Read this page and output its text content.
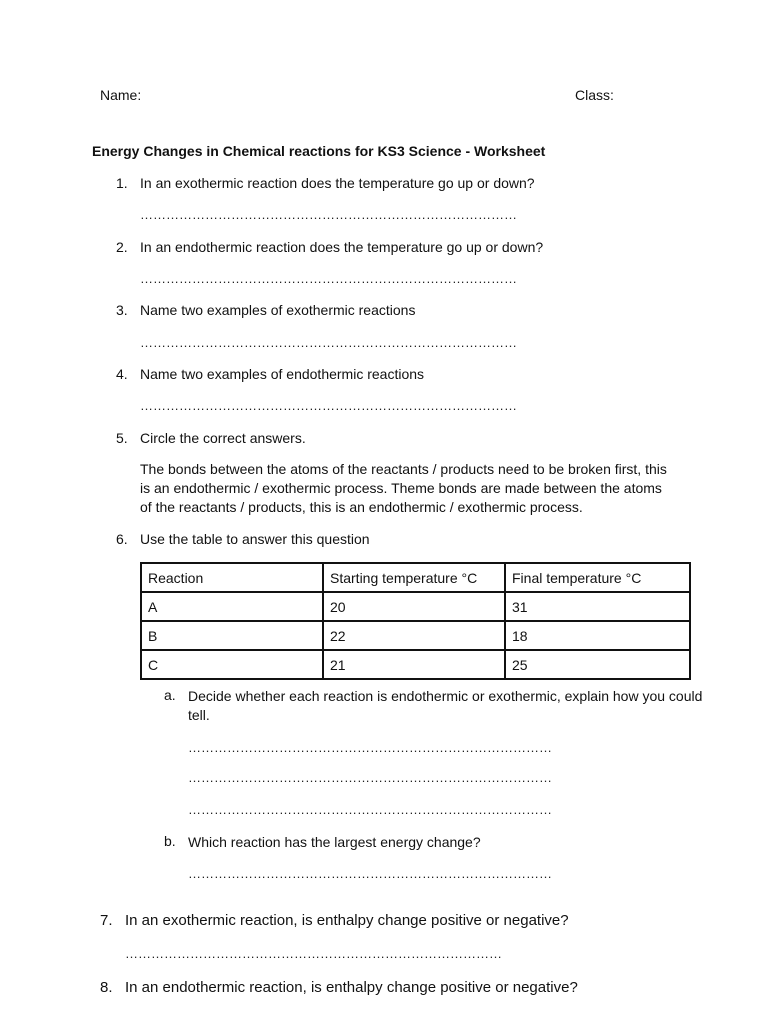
Name:	Class:
Energy Changes in Chemical reactions for KS3 Science - Worksheet
1. In an exothermic reaction does the temperature go up or down?
……………………………………………………………………………
2. In an endothermic reaction does the temperature go up or down?
……………………………………………………………………………
3. Name two examples of exothermic reactions
……………………………………………………………………………
4. Name two examples of endothermic reactions
……………………………………………………………………………
5. Circle the correct answers.
The bonds between the atoms of the reactants / products need to be broken first, this
is an endothermic / exothermic process. Theme bonds are made between the atoms
of the reactants / products, this is an endothermic / exothermic process.
6. Use the table to answer this question
Reaction	Starting temperature °C	Final temperature °C
A	20	31
B	22	18
C	21	25
a. Decide whether each reaction is endothermic or exothermic, explain how you could tell.
…………………………………………………………………………
…………………………………………………………………………
…………………………………………………………………………
b. Which reaction has the largest energy change?
…………………………………………………………………………
7. In an exothermic reaction, is enthalpy change positive or negative?
……………………………………………………………………………
8. In an endothermic reaction, is enthalpy change positive or negative?
